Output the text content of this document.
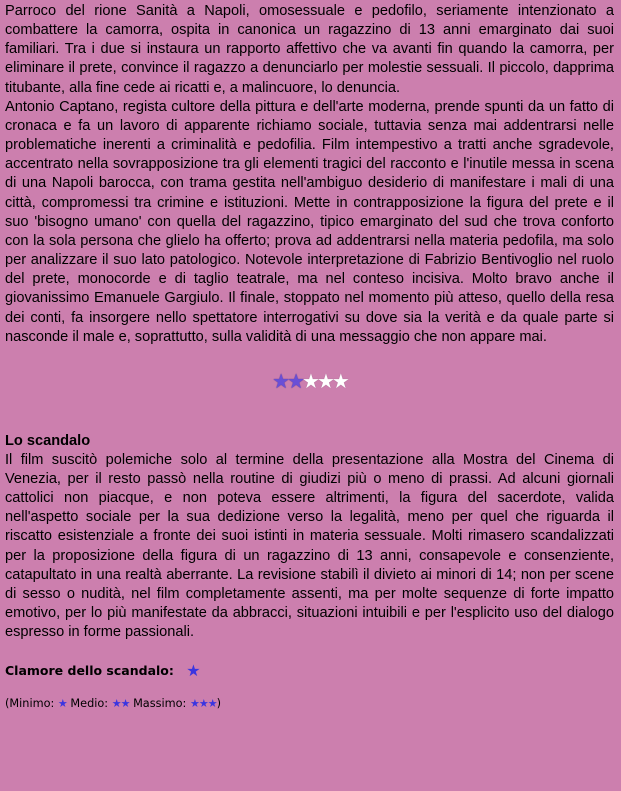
Parroco del rione Sanità a Napoli, omosessuale e pedofilo, seriamente intenzionato a combattere la camorra, ospita in canonica un ragazzino di 13 anni emarginato dai suoi familiari. Tra i due si instaura un rapporto affettivo che va avanti fin quando la camorra, per eliminare il prete, convince il ragazzo a denunciarlo per molestie sessuali. Il piccolo, dapprima titubante, alla fine cede ai ricatti e, a malincuore, lo denuncia.

Antonio Captano, regista cultore della pittura e dell'arte moderna, prende spunti da un fatto di cronaca e fa un lavoro di apparente richiamo sociale, tuttavia senza mai addentrarsi nelle problematiche inerenti a criminalità e pedofilia. Film intempestivo a tratti anche sgradevole, accentrato nella sovrapposizione tra gli elementi tragici del racconto e l'inutile messa in scena di una Napoli barocca, con trama gestita nell'ambiguo desiderio di manifestare i mali di una città, compromessi tra crimine e istituzioni. Mette in contrapposizione la figura del prete e il suo 'bisogno umano' con quella del ragazzino, tipico emarginato del sud che trova conforto con la sola persona che glielo ha offerto; prova ad addentrarsi nella materia pedofila, ma solo per analizzare il suo lato patologico. Notevole interpretazione di Fabrizio Bentivoglio nel ruolo del prete, monocorde e di taglio teatrale, ma nel conteso incisiva. Molto bravo anche il giovanissimo Emanuele Gargiulo. Il finale, stoppato nel momento più atteso, quello della resa dei conti, fa insorgere nello spettatore interrogativi su dove sia la verità e da quale parte si nasconde il male e, soprattutto, sulla validità di una messaggio che non appare mai.

★★★★★
Lo scandalo

Il film suscitò polemiche solo al termine della presentazione alla Mostra del Cinema di Venezia, per il resto passò nella routine di giudizi più o meno di prassi. Ad alcuni giornali cattolici non piacque, e non poteva essere altrimenti, la figura del sacerdote, valida nell'aspetto sociale per la sua dedizione verso la legalità, meno per quel che riguarda il riscatto esistenziale a fronte dei suoi istinti in materia sessuale. Molti rimasero scandalizzati per la proposizione della figura di un ragazzino di 13 anni, consapevole e consenziente, catapultato in una realtà aberrante. La revisione stabilì il divieto ai minori di 14; non per scene di sesso o nudità, nel film completamente assenti, ma per molte sequenze di forte impatto emotivo, per lo più manifestate da abbracci, situazioni intuibili e per l'esplicito uso del dialogo espresso in forme passionali.

Clamore dello scandalo: ★
(Minimo: ★ Medio: ★★ Massimo: ★★★)
